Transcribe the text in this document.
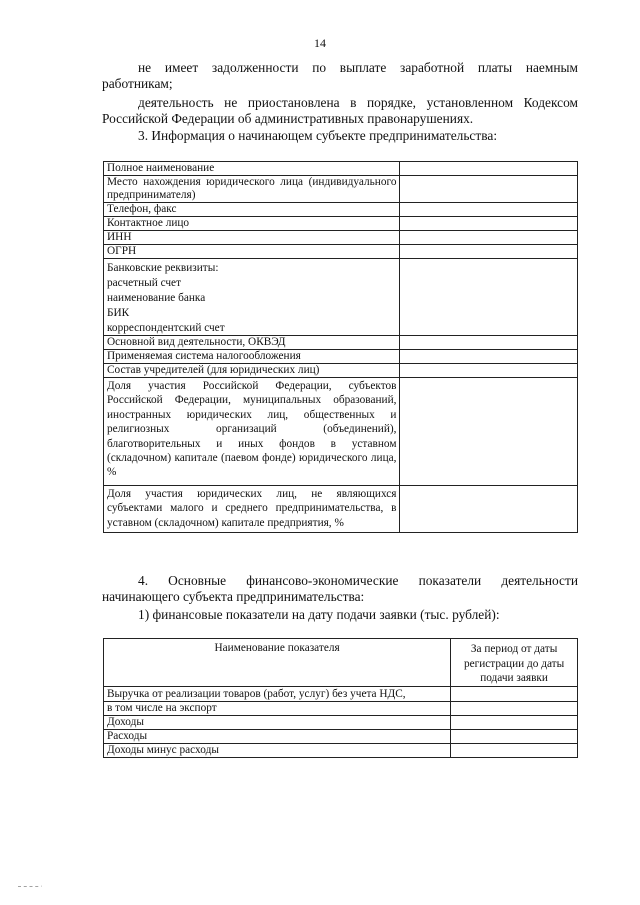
14
не имеет задолженности по выплате заработной платы наемным работникам;
деятельность не приостановлена в порядке, установленном Кодексом Российской Федерации об административных правонарушениях.
3. Информация о начинающем субъекте предпринимательства:
Полное наименование	
Место нахождения юридического лица (индивидуального предпринимателя)	
Телефон, факс	
Контактное лицо	
ИНН	
ОГРН	

Банковские реквизиты:
расчетный счет
наименование банка
БИК
корреспондентский счет	

Основной вид деятельности, ОКВЭД	
Применяемая система налогообложения	
Состав учредителей (для юридических лиц)	
Доля участия Российской Федерации, субъектов Российской Федерации, муниципальных образований, иностранных юридических лиц, общественных и религиозных организаций (объединений), благотворительных и иных фондов в уставном (складочном) капитале (паевом фонде) юридического лица, %	
Доля участия юридических лиц, не являющихся субъектами малого и среднего предпринимательства, в уставном (складочном) капитале предприятия, %	
4. Основные финансово-экономические показатели деятельности начинающего субъекта предпринимательства:
1) финансовые показатели на дату подачи заявки (тыс. рублей):
Наименование показателя	За период от даты регистрации до даты подачи заявки
Выручка от реализации товаров (работ, услуг) без учета НДС,	
в том числе на экспорт	
Доходы	
Расходы	
Доходы минус расходы	
▬ ▬ ▬ ▬ ▪
